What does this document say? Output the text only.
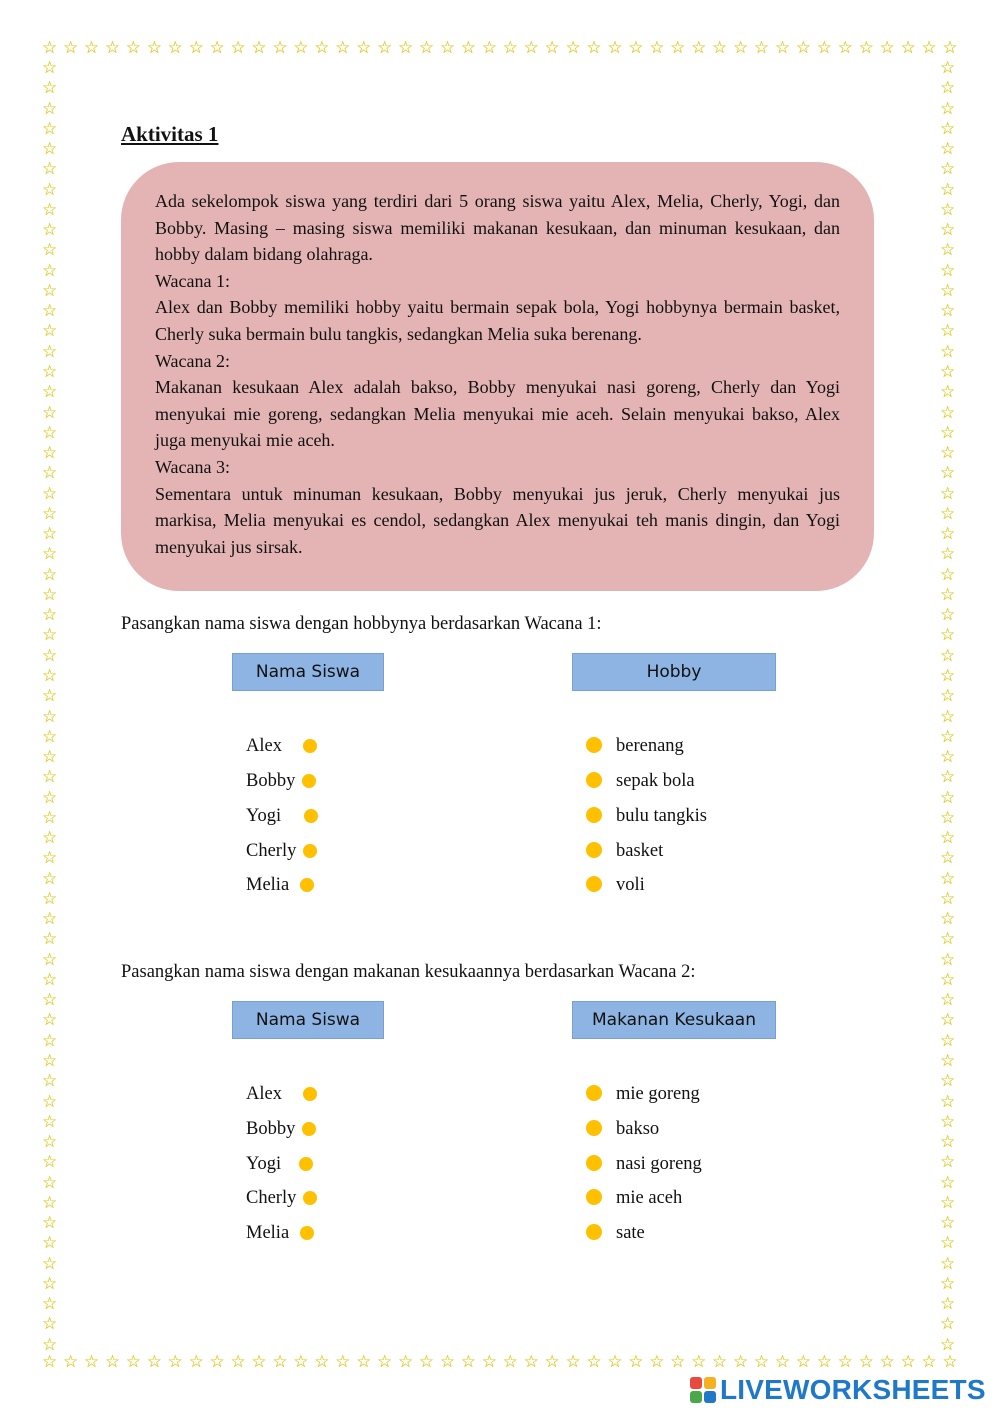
☆ ☆ ☆ ☆ ☆ ☆ ☆ ☆ ☆ ☆ ☆ ☆ ☆ ☆ ☆ ☆ ☆ ☆ ☆ ☆ ☆ ☆ ☆ ☆ ☆ ☆ ☆ ☆ ☆ ☆ ☆ ☆ ☆ ☆ ☆ ☆ ☆ ☆ ☆ ☆ ☆ ☆ ☆ ☆
☆ ☆ ☆ ☆ ☆ ☆ ☆ ☆ ☆ ☆ ☆ ☆ ☆ ☆ ☆ ☆ ☆ ☆ ☆ ☆ ☆ ☆ ☆ ☆ ☆ ☆ ☆ ☆ ☆ ☆ ☆ ☆ ☆ ☆ ☆ ☆ ☆ ☆ ☆ ☆ ☆ ☆ ☆ ☆
☆
☆
☆
☆
☆
☆
☆
☆
☆
☆
☆
☆
☆
☆
☆
☆
☆
☆
☆
☆
☆
☆
☆
☆
☆
☆
☆
☆
☆
☆
☆
☆
☆
☆
☆
☆
☆
☆
☆
☆
☆
☆
☆
☆
☆
☆
☆
☆
☆
☆
☆
☆
☆
☆
☆
☆
☆
☆
☆
☆
☆
☆
☆
☆
☆
☆
☆
☆
☆
☆
☆
☆
☆
☆
☆
☆
☆
☆
☆
☆
☆
☆
☆
☆
☆
☆
☆
☆
☆
☆
☆
☆
☆
☆
☆
☆
☆
☆
☆
☆
☆
☆
☆
☆
☆
☆
☆
☆
☆
☆
☆
☆
☆
☆
☆
☆
☆
☆
☆
☆
☆
☆
☆
☆
☆
☆
☆
☆
Aktivitas 1

Ada sekelompok siswa yang terdiri dari 5 orang siswa yaitu Alex, Melia, Cherly, Yogi, dan Bobby. Masing – masing siswa memiliki makanan kesukaan, dan minuman kesukaan, dan hobby dalam bidang olahraga.

Wacana 1:

Alex dan Bobby memiliki hobby yaitu bermain sepak bola, Yogi hobbynya bermain basket, Cherly suka bermain bulu tangkis, sedangkan Melia suka berenang.

Wacana 2:

Makanan kesukaan Alex adalah bakso, Bobby menyukai nasi goreng, Cherly dan Yogi menyukai mie goreng, sedangkan Melia menyukai mie aceh. Selain menyukai bakso, Alex juga menyukai mie aceh.

Wacana 3:

Sementara untuk minuman kesukaan, Bobby menyukai jus jeruk, Cherly menyukai jus markisa, Melia menyukai es cendol, sedangkan Alex menyukai teh manis dingin, dan Yogi menyukai jus sirsak.

Pasangkan nama siswa dengan hobbynya berdasarkan Wacana 1:
Nama Siswa	Hobby
Alex
Bobby
Yogi
Cherly
Melia
berenang
sepak bola
bulu tangkis
basket
voli
Pasangkan nama siswa dengan makanan kesukaannya berdasarkan Wacana 2:
Nama Siswa	Makanan Kesukaan
Alex
Bobby
Yogi
Cherly
Melia
mie goreng
bakso
nasi goreng
mie aceh
sate
LIVEWORKSHEETS
